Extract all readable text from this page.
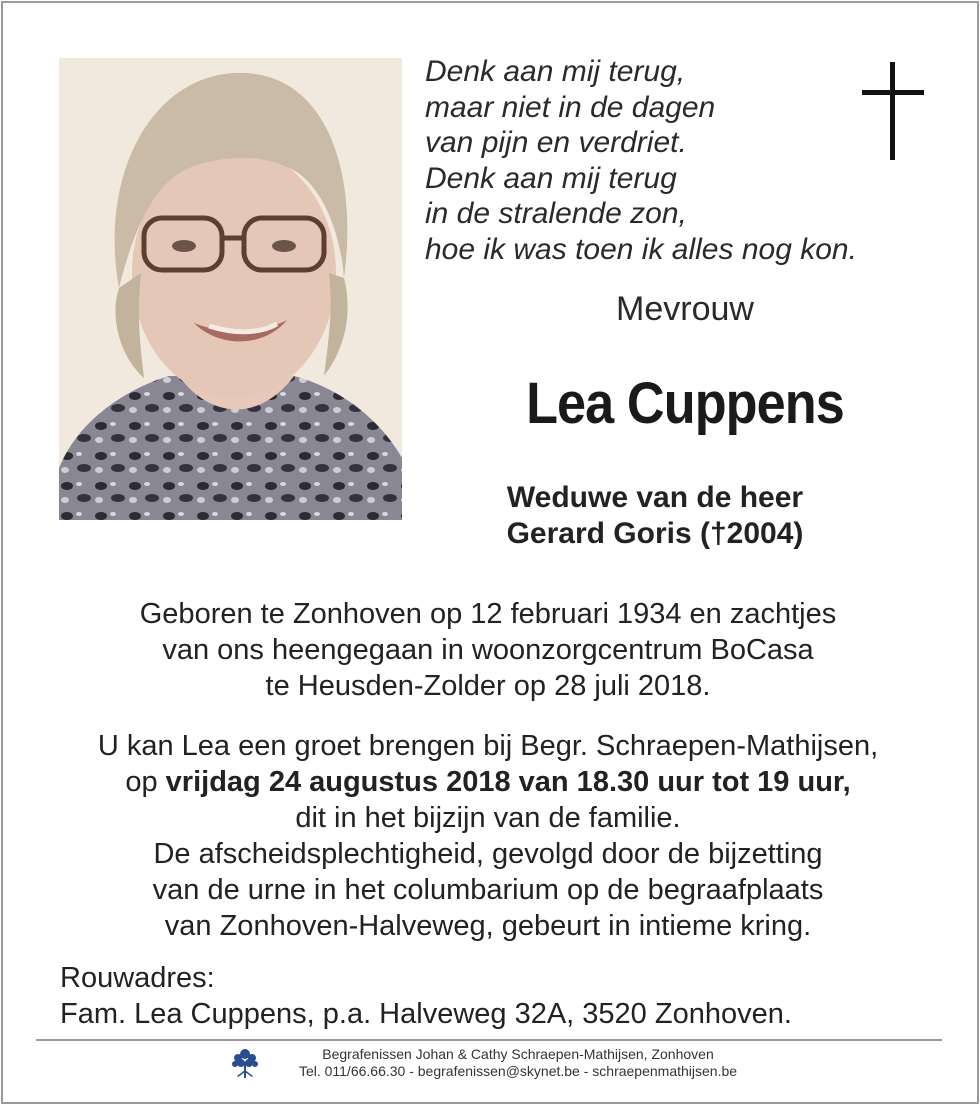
Denk aan mij terug,
maar niet in de dagen
van pijn en verdriet.
Denk aan mij terug
in de stralende zon,
hoe ik was toen ik alles nog kon.
Mevrouw
Lea Cuppens
Weduwe van de heer
Gerard Goris (†2004)
Geboren te Zonhoven op 12 februari 1934 en zachtjes
van ons heengegaan in woonzorgcentrum BoCasa
te Heusden-Zolder op 28 juli 2018.
U kan Lea een groet brengen bij Begr. Schraepen-Mathijsen,
op vrijdag 24 augustus 2018 van 18.30 uur tot 19 uur,
dit in het bijzijn van de familie.
De afscheidsplechtigheid, gevolgd door de bijzetting
van de urne in het columbarium op de begraafplaats
van Zonhoven-Halveweg, gebeurt in intieme kring.
Rouwadres:
Fam. Lea Cuppens, p.a. Halveweg 32A, 3520 Zonhoven.
Begrafenissen Johan & Cathy Schraepen-Mathijsen, Zonhoven
Tel. 011/66.66.30 - begrafenissen@skynet.be - schraepenmathijsen.be
